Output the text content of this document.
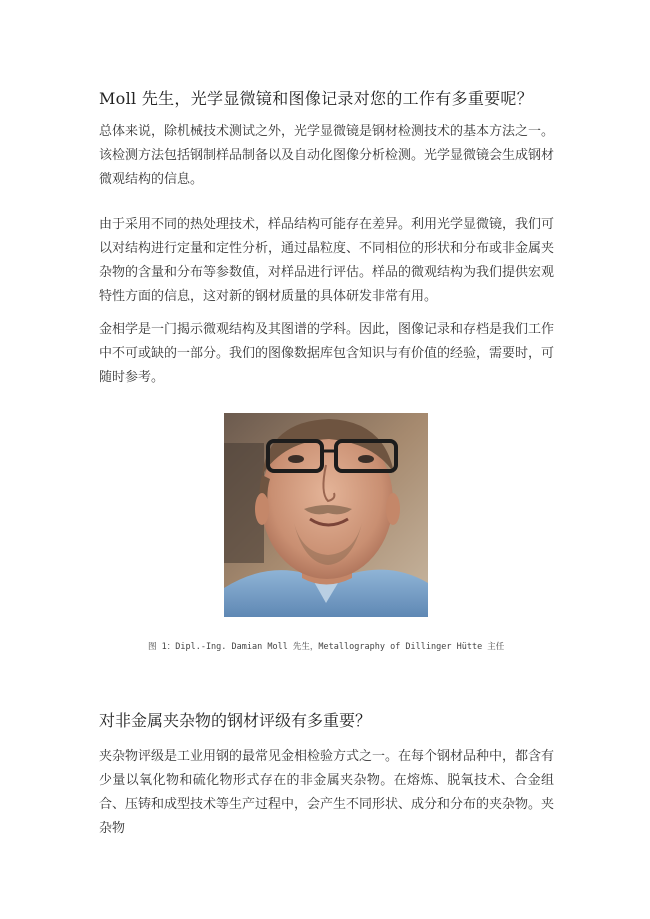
Moll 先生，光学显微镜和图像记录对您的工作有多重要呢？

总体来说，除机械技术测试之外，光学显微镜是钢材检测技术的基本方法之一。该检测方法包括钢制样品制备以及自动化图像分析检测。光学显微镜会生成钢材微观结构的信息。

由于采用不同的热处理技术，样品结构可能存在差异。利用光学显微镜，我们可以对结构进行定量和定性分析，通过晶粒度、不同相位的形状和分布或非金属夹杂物的含量和分布等参数值，对样品进行评估。样品的微观结构为我们提供宏观特性方面的信息，这对新的钢材质量的具体研发非常有用。

金相学是一门揭示微观结构及其图谱的学科。因此，图像记录和存档是我们工作中不可或缺的一部分。我们的图像数据库包含知识与有价值的经验，需要时，可随时参考。

图 1：Dipl.-Ing. Damian Moll 先生，Metallography of Dillinger Hütte 主任

对非金属夹杂物的钢材评级有多重要？

夹杂物评级是工业用钢的最常见金相检验方式之一。在每个钢材品种中，都含有少量以氧化物和硫化物形式存在的非金属夹杂物。在熔炼、脱氧技术、合金组合、压铸和成型技术等生产过程中，会产生不同形状、成分和分布的夹杂物。夹杂物
